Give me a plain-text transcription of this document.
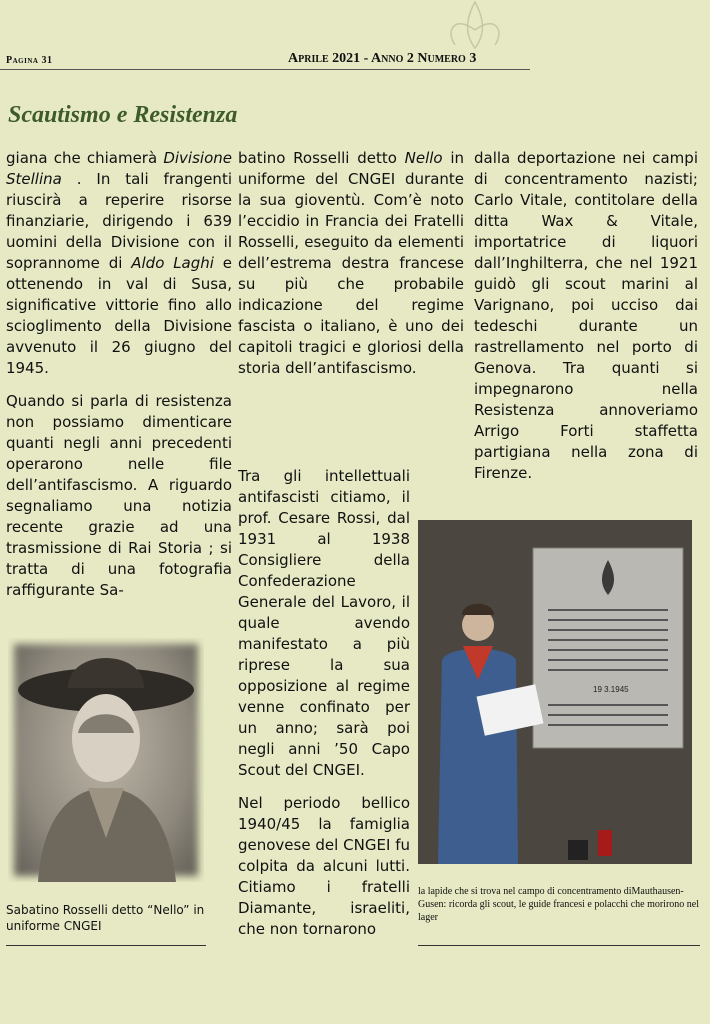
Pagina 31	Aprile 2021 - Anno 2 Numero 3
Scautismo e Resistenza

giana che chiamerà Divisione Stellina . In tali frangenti riuscirà a reperire risorse finanziarie, dirigendo i 639 uomini della Divisione con il soprannome di Aldo Laghi e ottenendo in val di Susa, significative vittorie fino allo scioglimento della Divisione avvenuto il 26 giugno del 1945.

Quando si parla di resistenza non possiamo dimenticare quanti negli anni precedenti operarono nelle file dell’antifascismo. A riguardo segnaliamo una notizia recente grazie ad una trasmissione di Rai Storia ; si tratta di una fotografia raffigurante Sa-

batino Rosselli detto Nello in uniforme del CNGEI durante la sua gioventù. Com’è noto l’eccidio in Francia dei Fratelli Rosselli, eseguito da elementi dell’estrema destra francese su più che probabile indicazione del regime fascista o italiano, è uno dei capitoli tragici e gloriosi della storia dell’antifascismo.

Tra gli intellettuali antifascisti citiamo, il prof. Cesare Rossi, dal 1931 al 1938 Consigliere della Confederazione Generale del Lavoro, il quale avendo manifestato a più riprese la sua opposizione al regime venne confinato per un anno; sarà poi negli anni ’50 Capo Scout del CNGEI.

Nel periodo bellico 1940/45 la famiglia genovese del CNGEI fu colpita da alcuni lutti. Citiamo i fratelli Diamante, israeliti, che non tornarono

dalla deportazione nei campi di concentramento nazisti; Carlo Vitale, contitolare della ditta Wax & Vitale, importatrice di liquori dall’Inghilterra, che nel 1921 guidò gli scout marini al Varignano, poi ucciso dai tedeschi durante un rastrellamento nel porto di Genova. Tra quanti si impegnarono nella Resistenza annoveriamo Arrigo Forti staffetta partigiana nella zona di Firenze.

19 3.1945
Sabatino Rosselli detto “Nello” in uniforme CNGEI
la lapide che si trova nel campo di concentramento diMauthausen-Gusen: ricorda gli scout, le guide francesi e polacchi che morirono nel lager
